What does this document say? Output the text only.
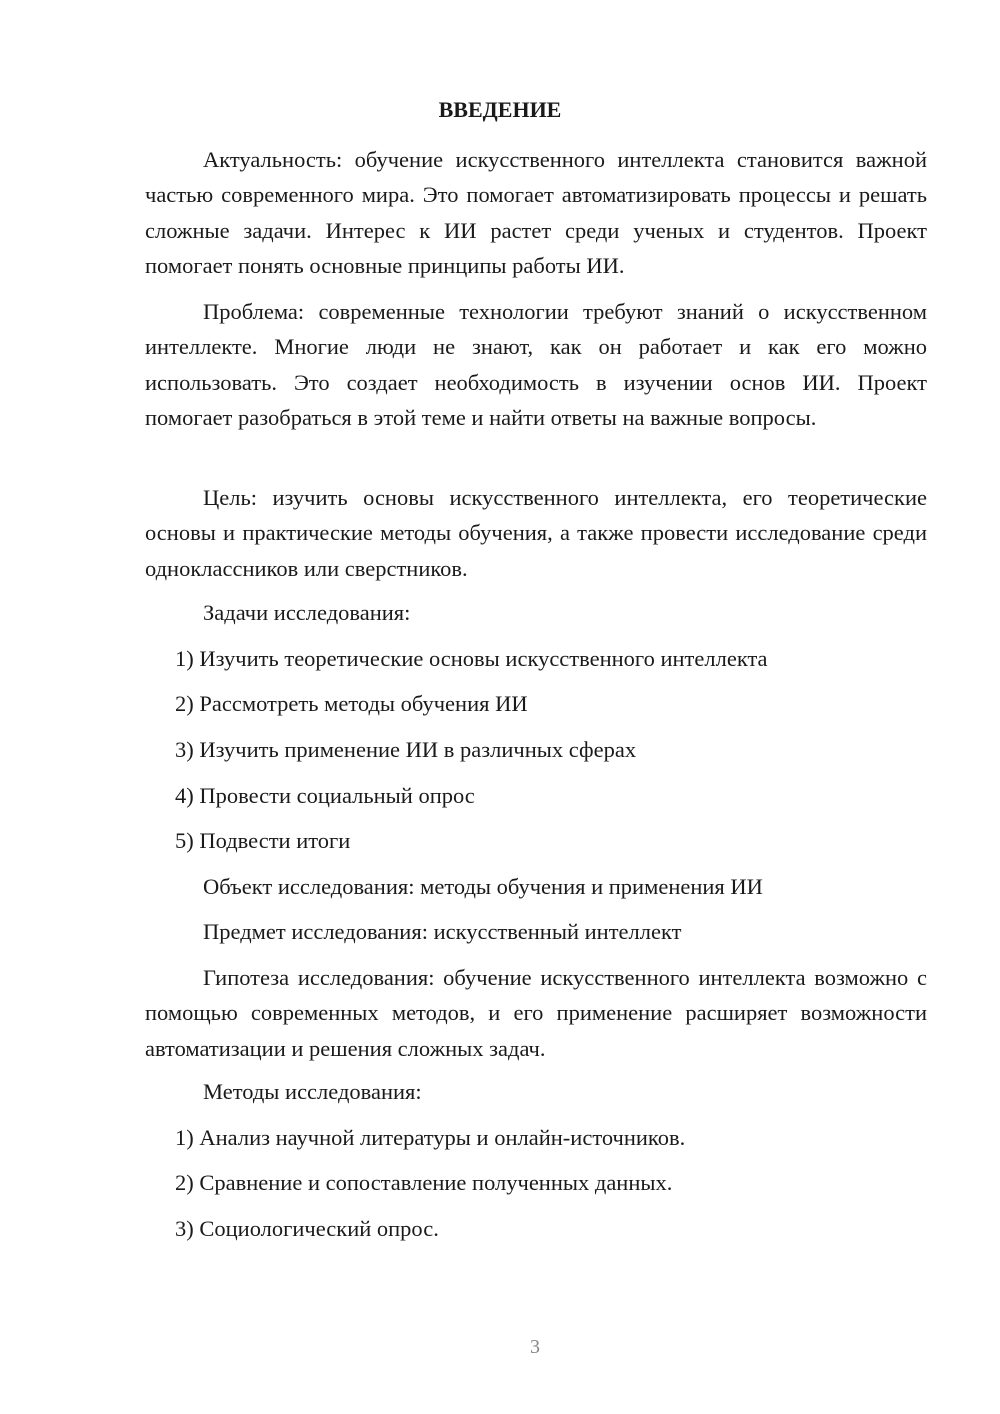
ВВЕДЕНИЕ

Актуальность: обучение искусственного интеллекта становится важной частью современного мира. Это помогает автоматизировать процессы и решать сложные задачи. Интерес к ИИ растет среди ученых и студентов. Проект помогает понять основные принципы работы ИИ.

Проблема: современные технологии требуют знаний о искусственном интеллекте. Многие люди не знают, как он работает и как его можно использовать. Это создает необходимость в изучении основ ИИ. Проект помогает разобраться в этой теме и найти ответы на важные вопросы.

Цель: изучить основы искусственного интеллекта, его теоретические основы и практические методы обучения, а также провести исследование среди одноклассников или сверстников.

Задачи исследования:

1) Изучить теоретические основы искусственного интеллекта

2) Рассмотреть методы обучения ИИ

3) Изучить применение ИИ в различных сферах

4) Провести социальный опрос

5) Подвести итоги

Объект исследования: методы обучения и применения ИИ

Предмет исследования: искусственный интеллект

Гипотеза исследования: обучение искусственного интеллекта возможно с помощью современных методов, и его применение расширяет возможности автоматизации и решения сложных задач.

Методы исследования:

1) Анализ научной литературы и онлайн-источников.

2) Сравнение и сопоставление полученных данных.

3) Социологический опрос.

3
